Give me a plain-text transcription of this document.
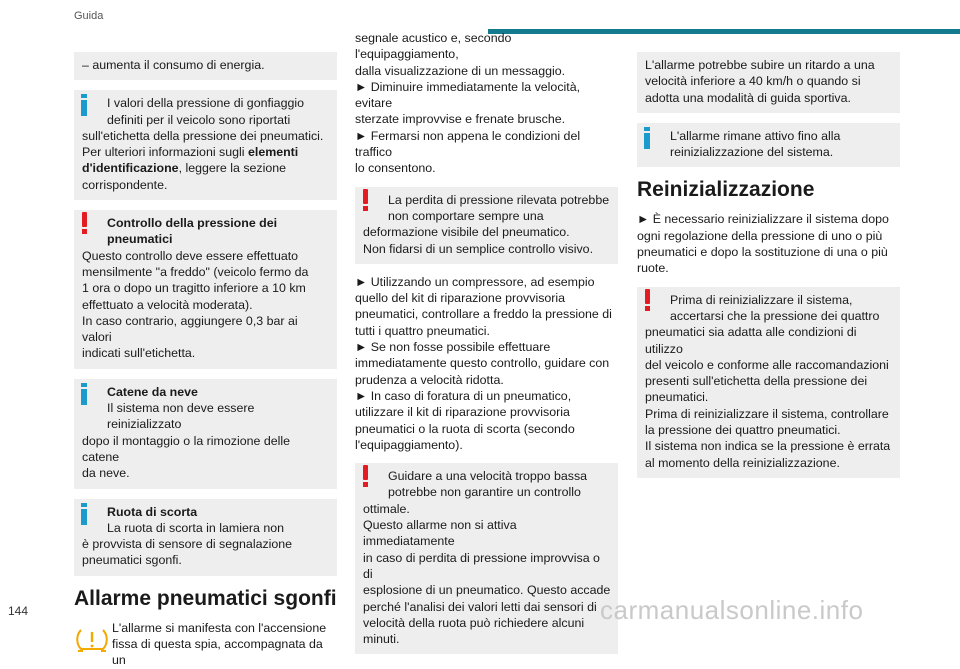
Guida
144
– aumenta il consumo di energia.
I valori della pressione di gonfiaggio
definiti per il veicolo sono riportati
sull'etichetta della pressione dei pneumatici.
Per ulteriori informazioni sugli elementi
d'identificazione, leggere la sezione
corrispondente.
Controllo della pressione dei
pneumatici
Questo controllo deve essere effettuato
mensilmente "a freddo" (veicolo fermo da
1 ora o dopo un tragitto inferiore a 10 km
effettuato a velocità moderata).
In caso contrario, aggiungere 0,3 bar ai valori
indicati sull'etichetta.
Catene da neve
Il sistema non deve essere reinizializzato
dopo il montaggio o la rimozione delle catene
da neve.
Ruota di scorta
La ruota di scorta in lamiera non
è provvista di sensore di segnalazione
pneumatici sgonfi.
Allarme pneumatici sgonfi
L'allarme si manifesta con l'accensione
fissa di questa spia, accompagnata da un
segnale acustico e, secondo l'equipaggiamento,
dalla visualizzazione di un messaggio.
► Diminuire immediatamente la velocità, evitare
sterzate improvvise e frenate brusche.
► Fermarsi non appena le condizioni del traffico
lo consentono.
La perdita di pressione rilevata potrebbe
non comportare sempre una
deformazione visibile del pneumatico.
Non fidarsi di un semplice controllo visivo.
► Utilizzando un compressore, ad esempio
quello del kit di riparazione provvisoria
pneumatici, controllare a freddo la pressione di
tutti i quattro pneumatici.
► Se non fosse possibile effettuare
immediatamente questo controllo, guidare con
prudenza a velocità ridotta.
► In caso di foratura di un pneumatico,
utilizzare il kit di riparazione provvisoria
pneumatici o la ruota di scorta (secondo
l'equipaggiamento).
Guidare a una velocità troppo bassa
potrebbe non garantire un controllo
ottimale.
Questo allarme non si attiva immediatamente
in caso di perdita di pressione improvvisa o di
esplosione di un pneumatico. Questo accade
perché l'analisi dei valori letti dai sensori di
velocità della ruota può richiedere alcuni
minuti.
L'allarme potrebbe subire un ritardo a una
velocità inferiore a 40 km/h o quando si
adotta una modalità di guida sportiva.
L'allarme rimane attivo fino alla
reinizializzazione del sistema.
Reinizializzazione
► È necessario reinizializzare il sistema dopo
ogni regolazione della pressione di uno o più
pneumatici e dopo la sostituzione di una o più
ruote.
Prima di reinizializzare il sistema,
accertarsi che la pressione dei quattro
pneumatici sia adatta alle condizioni di utilizzo
del veicolo e conforme alle raccomandazioni
presenti sull'etichetta della pressione dei
pneumatici.
Prima di reinizializzare il sistema, controllare
la pressione dei quattro pneumatici.
Il sistema non indica se la pressione è errata
al momento della reinizializzazione.
carmanualsonline.info
